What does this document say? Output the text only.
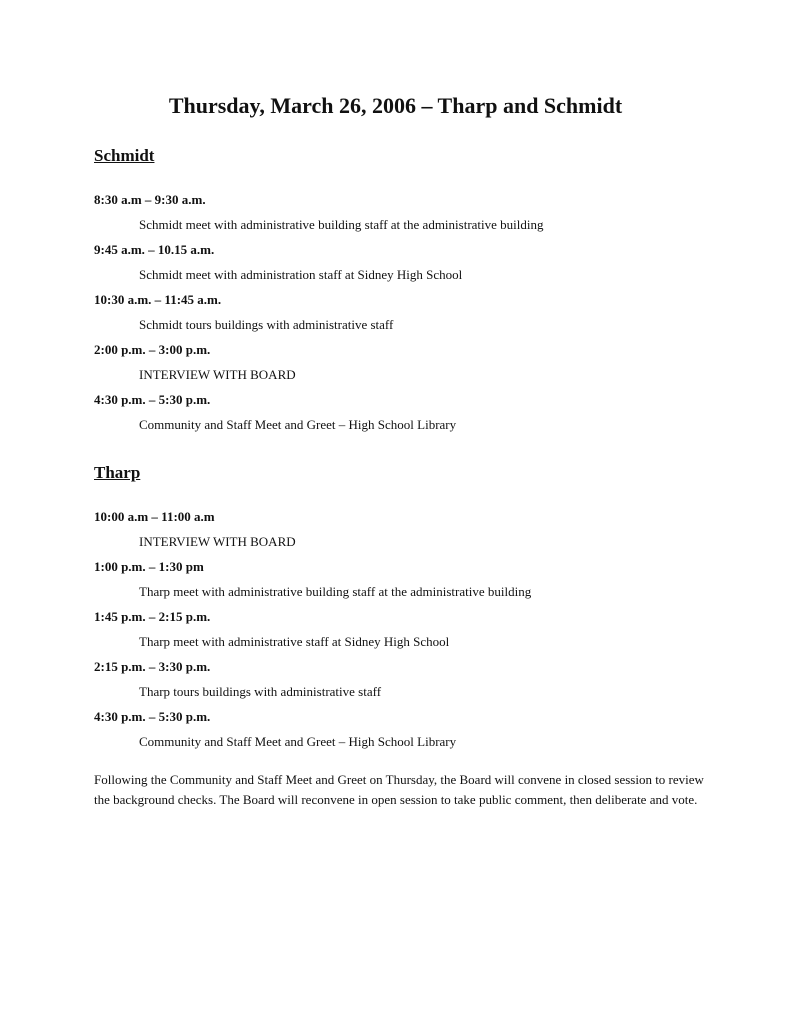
Thursday, March 26, 2006 – Tharp and Schmidt
Schmidt
8:30 a.m – 9:30 a.m.
Schmidt meet with administrative building staff at the administrative building
9:45 a.m. – 10.15 a.m.
Schmidt meet with administration staff at Sidney High School
10:30 a.m. – 11:45 a.m.
Schmidt tours buildings with administrative staff
2:00 p.m. – 3:00 p.m.
INTERVIEW WITH BOARD
4:30 p.m. – 5:30 p.m.
Community and Staff Meet and Greet – High School Library
Tharp
10:00 a.m – 11:00 a.m
INTERVIEW WITH BOARD
1:00 p.m. – 1:30 pm
Tharp meet with administrative building staff at the administrative building
1:45 p.m. – 2:15 p.m.
Tharp meet with administrative staff at Sidney High School
2:15 p.m. – 3:30 p.m.
Tharp tours buildings with administrative staff
4:30 p.m. – 5:30 p.m.
Community and Staff Meet and Greet – High School Library

Following the Community and Staff Meet and Greet on Thursday, the Board will convene in closed session to review the background checks. The Board will reconvene in open session to take public comment, then deliberate and vote.
